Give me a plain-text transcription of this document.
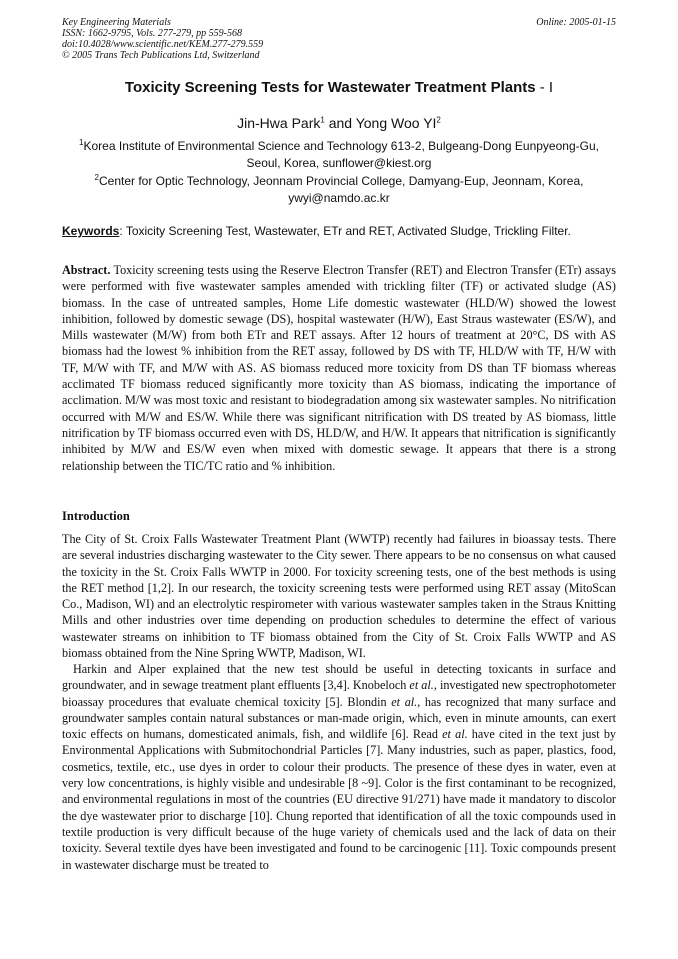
Key Engineering Materials
ISSN: 1662-9795, Vols. 277-279, pp 559-568
doi:10.4028/www.scientific.net/KEM.277-279.559
© 2005 Trans Tech Publications Ltd, Switzerland
Online: 2005-01-15
Toxicity Screening Tests for Wastewater Treatment Plants - I
Jin-Hwa Park$^1$ and Yong Woo $YI^2$
$^1$Korea Institute of Environmental Science and Technology 613-2, Bulgeang-Dong Eunpyeong-Gu, Seoul, Korea, sunflower@kiest.org
$^2$Center for Optic Technology, Jeonnam Provincial College, Damyang-Eup, Jeonnam, Korea, ywyi@namdo.ac.kr
Keywords: Toxicity Screening Test, Wastewater, ETr and RET, Activated Sludge, Trickling Filter.

Abstract. Toxicity screening tests using the Reserve Electron Transfer (RET) and Electron Transfer (ETr) assays were performed with five wastewater samples amended with trickling filter (TF) or activated sludge (AS) biomass. In the case of untreated samples, Home Life domestic wastewater (HLD/W) showed the lowest inhibition, followed by domestic sewage (DS), hospital wastewater (H/W), East Straus wastewater (ES/W), and Mills wastewater (M/W) from both ETr and RET assays. After 12 hours of treatment at 20°C, DS with AS biomass had the lowest % inhibition from the RET assay, followed by DS with TF, HLD/W with TF, H/W with TF, M/W with TF, and M/W with AS. AS biomass reduced more toxicity from DS than TF biomass whereas acclimated TF biomass reduced significantly more toxicity than AS biomass, indicating the importance of acclimation. M/W was most toxic and resistant to biodegradation among six wastewater samples. No nitrification occurred with M/W and ES/W. While there was significant nitrification with DS treated by AS biomass, little nitrification by TF biomass occurred even with DS, HLD/W, and H/W. It appears that nitrification is significantly inhibited by M/W and ES/W even when mixed with domestic sewage. It appears that there is a strong relationship between the TIC/TC ratio and % inhibition.

Introduction

The City of St. Croix Falls Wastewater Treatment Plant (WWTP) recently had failures in bioassay tests. There are several industries discharging wastewater to the City sewer. There appears to be no consensus on what caused the toxicity in the St. Croix Falls WWTP in 2000. For toxicity screening tests, one of the best methods is using the RET method [1,2]. In our research, the toxicity screening tests were performed using RET assay (MitoScan Co., Madison, WI) and an electrolytic respirometer with various wastewater samples taken in the Straus Knitting Mills and other industries over time depending on production schedules to determine the effect of various wastewater streams on inhibition to TF biomass obtained from the City of St. Croix Falls WWTP and AS biomass obtained from the Nine Spring WWTP, Madison, WI.

Harkin and Alper explained that the new test should be useful in detecting toxicants in surface and groundwater, and in sewage treatment plant effluents [3,4]. Knobeloch et al., investigated new spectrophotometer bioassay procedures that evaluate chemical toxicity [5]. Blondin et al., has recognized that many surface and groundwater samples contain natural substances or man-made origin, which, even in minute amounts, can exert toxic effects on humans, domesticated animals, fish, and wildlife [6]. Read et al. have cited in the text just by Environmental Applications with Submitochondrial Particles [7]. Many industries, such as paper, plastics, food, cosmetics, textile, etc., use dyes in order to colour their products. The presence of these dyes in water, even at very low concentrations, is highly visible and undesirable [8 ~9]. Color is the first contaminant to be recognized, and environmental regulations in most of the countries (EU directive 91/271) have made it mandatory to discolor the dye wastewater prior to discharge [10]. Chung reported that identification of all the toxic compounds used in textile production is very difficult because of the huge variety of chemicals used and the lack of data on their toxicity. Several textile dyes have been investigated and found to be carcinogenic [11]. Toxic compounds present in wastewater discharge must be treated to
